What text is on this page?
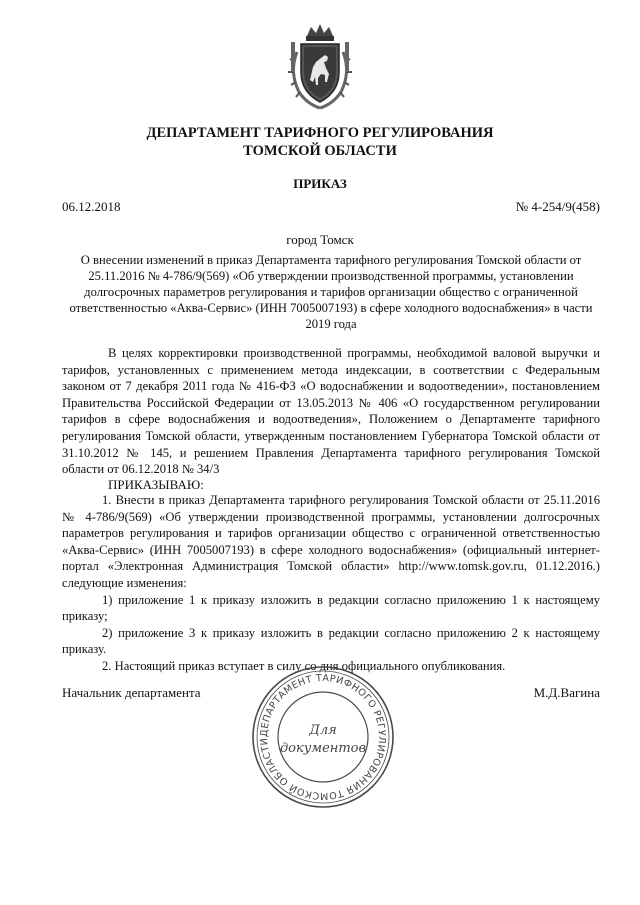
ДЕПАРТАМЕНТ ТАРИФНОГО РЕГУЛИРОВАНИЯ
ТОМСКОЙ ОБЛАСТИ
ПРИКАЗ
06.12.2018	№ 4-254/9(458)
город Томск
О внесении изменений в приказ Департамента тарифного регулирования Томской области от 25.11.2016 № 4-786/9(569) «Об утверждении производственной программы, установлении долгосрочных параметров регулирования и тарифов организации общество с ограниченной ответственностью «Аква-Сервис» (ИНН 7005007193) в сфере холодного водоснабжения» в части 2019 года
В целях корректировки производственной программы, необходимой валовой выручки и тарифов, установленных с применением метода индексации, в соответствии с Федеральным законом от 7 декабря 2011 года № 416-ФЗ «О водоснабжении и водоотведении», постановлением Правительства Российской Федерации от 13.05.2013 № 406 «О государственном регулировании тарифов в сфере водоснабжения и водоотведения», Положением о Департаменте тарифного регулирования Томской области, утвержденным постановлением Губернатора Томской области от 31.10.2012 № 145, и решением Правления Департамента тарифного регулирования Томской области от 06.12.2018 № 34/3
ПРИКАЗЫВАЮ:

1. Внести в приказ Департамента тарифного регулирования Томской области от 25.11.2016 № 4-786/9(569) «Об утверждении производственной программы, установлении долгосрочных параметров регулирования и тарифов организации общество с ограниченной ответственностью «Аква-Сервис» (ИНН 7005007193) в сфере холодного водоснабжения» (официальный интернет-портал «Электронная Администрация Томской области» http://www.tomsk.gov.ru, 01.12.2016.) следующие изменения:

1) приложение 1 к приказу изложить в редакции согласно приложению 1 к настоящему приказу;

2) приложение 3 к приказу изложить в редакции согласно приложению 2 к настоящему приказу.

2. Настоящий приказ вступает в силу со дня официального опубликования.

Начальник департамента	М.Д.Вагина
ДЕПАРТАМЕНТ ТАРИФНОГО РЕГУЛИРОВАНИЯ ТОМСКОЙ ОБЛАСТИ
Для
документов
